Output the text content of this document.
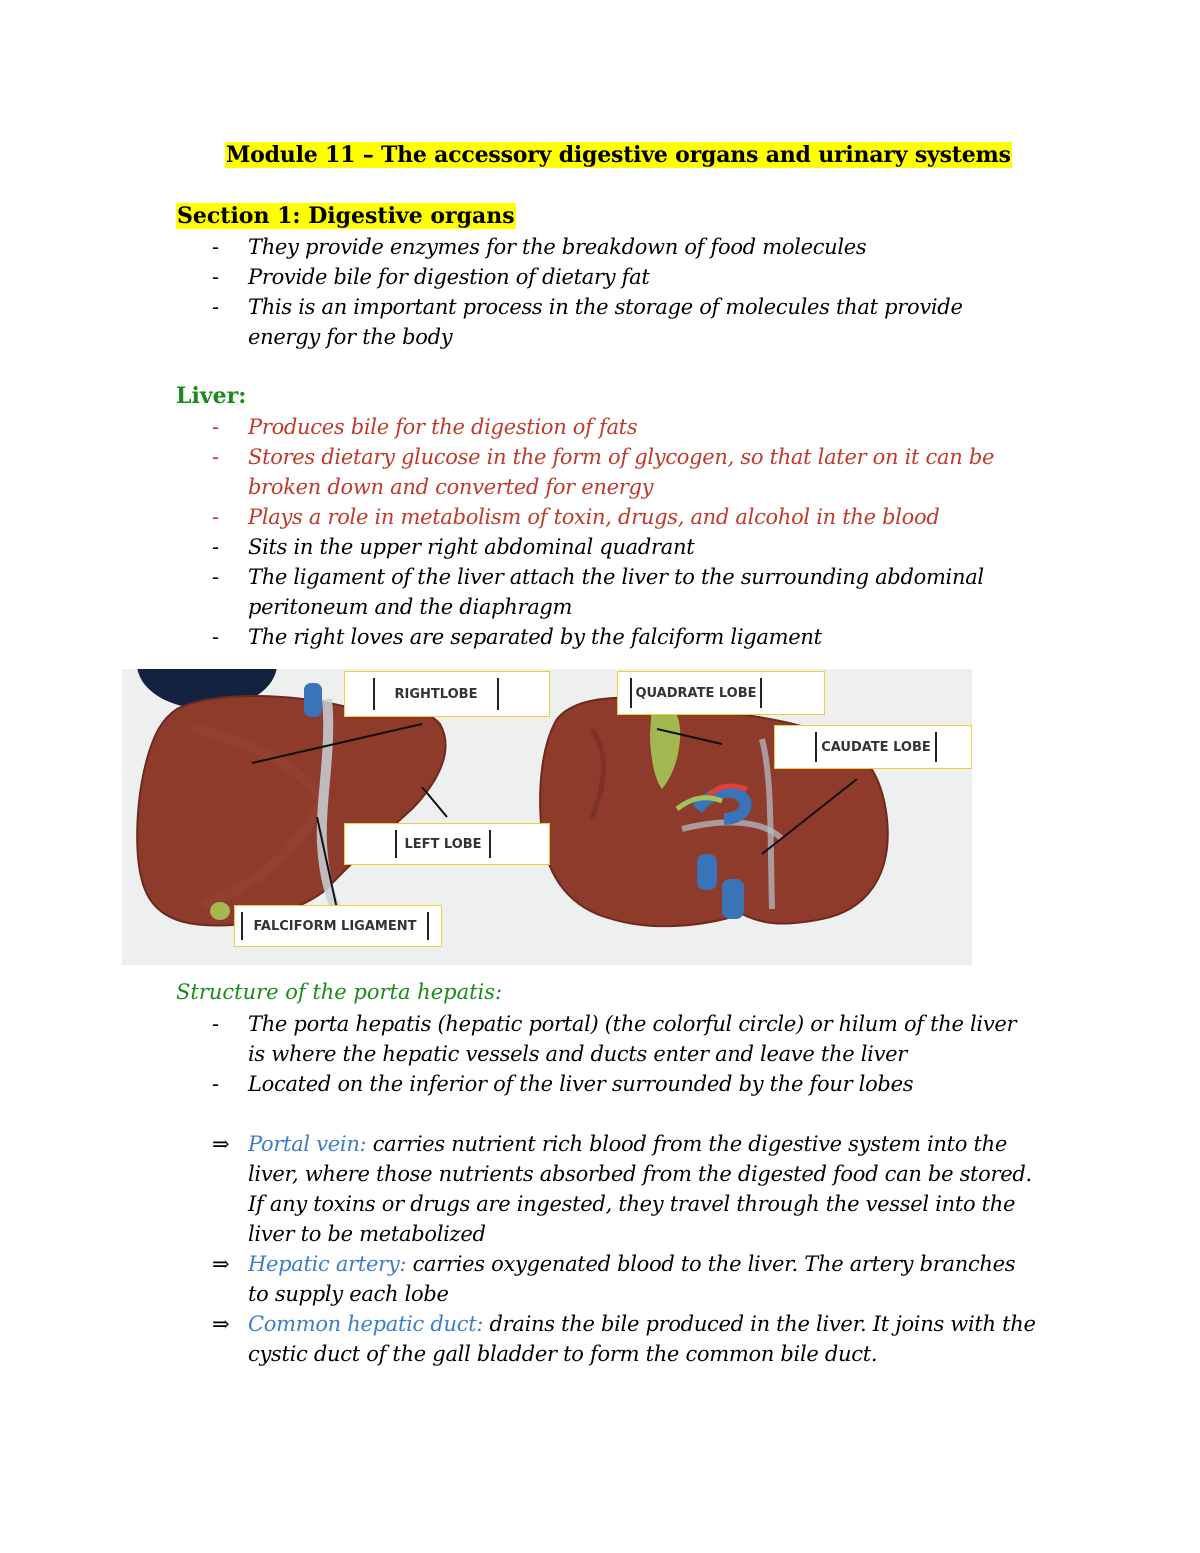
Module 11 – The accessory digestive organs and urinary systems
Section 1: Digestive organs
- They provide enzymes for the breakdown of food molecules
- Provide bile for digestion of dietary fat
- This is an important process in the storage of molecules that provide energy for the body
Liver:
- Produces bile for the digestion of fats
- Stores dietary glucose in the form of glycogen, so that later on it can be broken down and converted for energy
- Plays a role in metabolism of toxin, drugs, and alcohol in the blood
- Sits in the upper right abdominal quadrant
- The ligament of the liver attach the liver to the surrounding abdominal peritoneum and the diaphragm
- The right loves are separated by the falciform ligament
RIGHTLOBE
LEFT LOBE
FALCIFORM LIGAMENT
QUADRATE LOBE
CAUDATE LOBE
Structure of the porta hepatis:
- The porta hepatis (hepatic portal) (the colorful circle) or hilum of the liver is where the hepatic vessels and ducts enter and leave the liver
- Located on the inferior of the liver surrounded by the four lobes
⇒ Portal vein: carries nutrient rich blood from the digestive system into the liver, where those nutrients absorbed from the digested food can be stored. If any toxins or drugs are ingested, they travel through the vessel into the liver to be metabolized
⇒ Hepatic artery: carries oxygenated blood to the liver. The artery branches to supply each lobe
⇒ Common hepatic duct: drains the bile produced in the liver. It joins with the cystic duct of the gall bladder to form the common bile duct.
